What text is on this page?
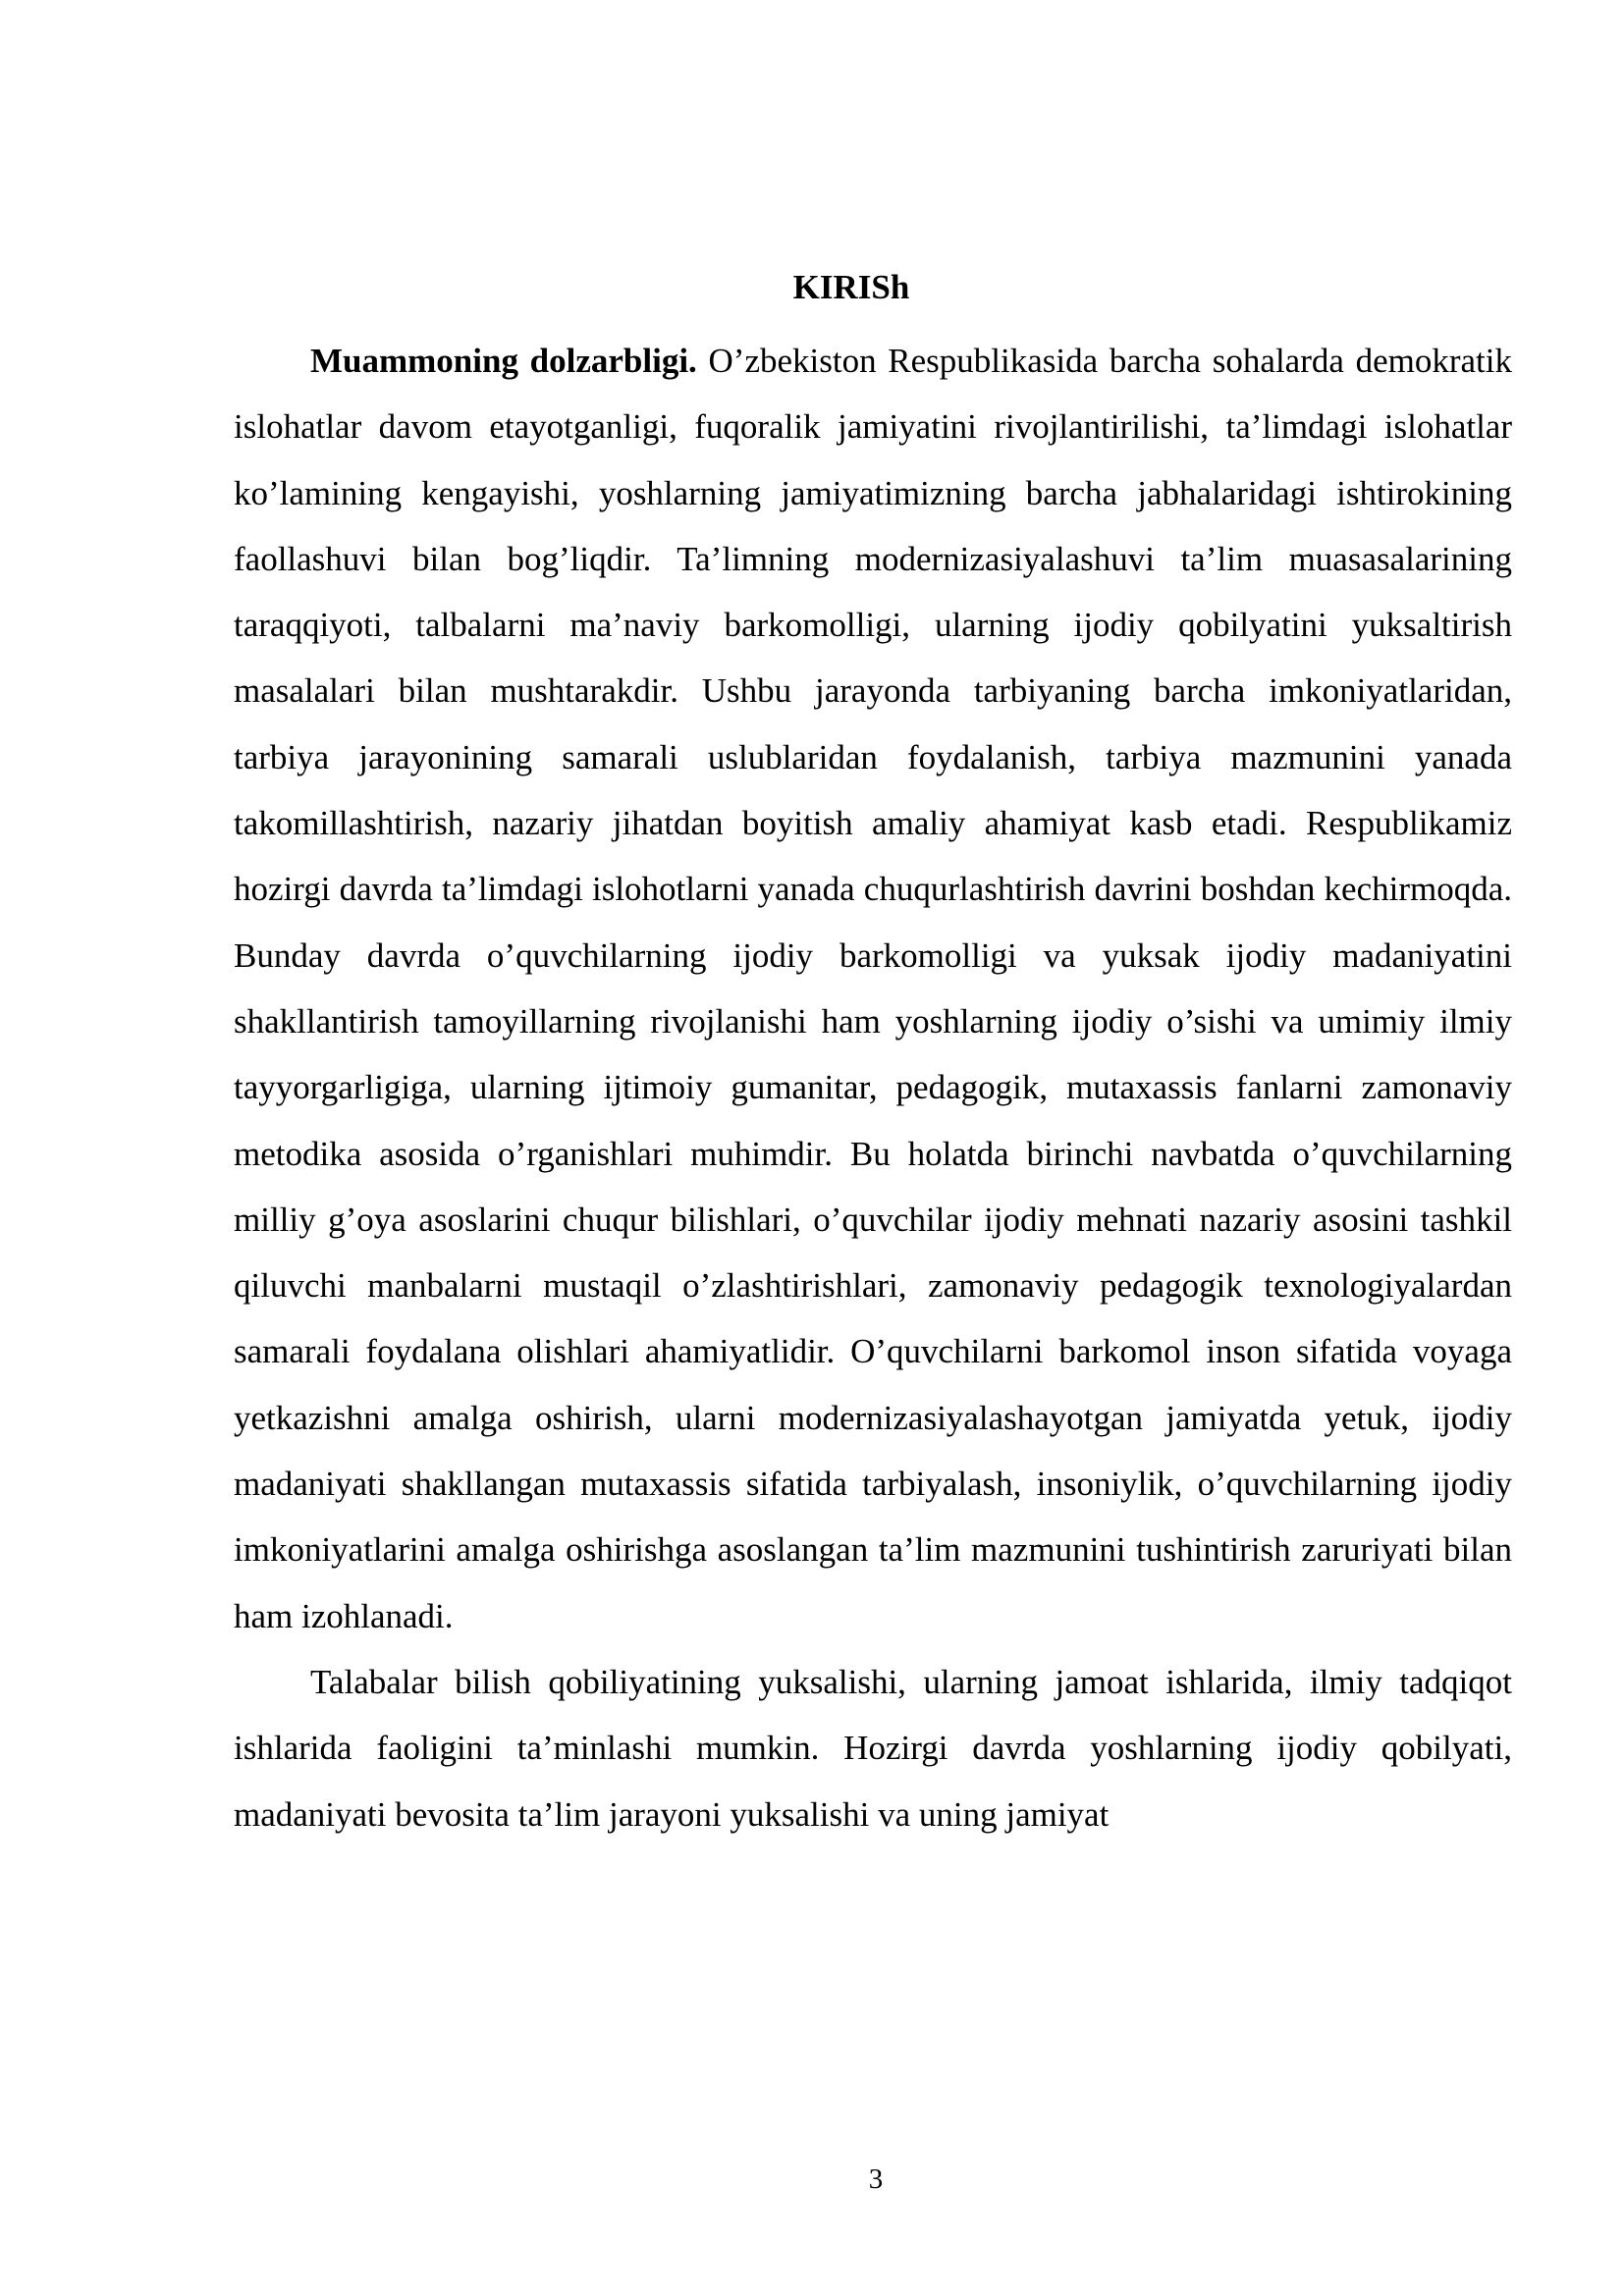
KIRISh

Muammoning dolzarbligi. O’zbekiston Respublikasida barcha sohalarda demokratik islohatlar davom etayotganligi, fuqoralik jamiyatini rivojlantirilishi, ta’limdagi islohatlar ko’lamining kengayishi, yoshlarning jamiyatimizning barcha jabhalaridagi ishtirokining faollashuvi bilan bog’liqdir. Ta’limning modernizasiyalashuvi ta’lim muasasalarining taraqqiyoti, talbalarni ma’naviy barkomolligi, ularning ijodiy qobilyatini yuksaltirish masalalari bilan mushtarakdir. Ushbu jarayonda tarbiyaning barcha imkoniyatlaridan, tarbiya jarayonining samarali uslublaridan foydalanish, tarbiya mazmunini yanada takomillashtirish, nazariy jihatdan boyitish amaliy ahamiyat kasb etadi. Respublikamiz hozirgi davrda ta’limdagi islohotlarni yanada chuqurlashtirish davrini boshdan kechirmoqda. Bunday davrda o’quvchilarning ijodiy barkomolligi va yuksak ijodiy madaniyatini shakllantirish tamoyillarning rivojlanishi ham yoshlarning ijodiy o’sishi va umimiy ilmiy tayyorgarligiga, ularning ijtimoiy gumanitar, pedagogik, mutaxassis fanlarni zamonaviy metodika asosida o’rganishlari muhimdir. Bu holatda birinchi navbatda o’quvchilarning milliy g’oya asoslarini chuqur bilishlari, o’quvchilar ijodiy mehnati nazariy asosini tashkil qiluvchi manbalarni mustaqil o’zlashtirishlari, zamonaviy pedagogik texnologiyalardan samarali foydalana olishlari ahamiyatlidir. O’quvchilarni barkomol inson sifatida voyaga yetkazishni amalga oshirish, ularni modernizasiyalashayotgan jamiyatda yetuk, ijodiy madaniyati shakllangan mutaxassis sifatida tarbiyalash, insoniylik, o’quvchilarning ijodiy imkoniyatlarini amalga oshirishga asoslangan ta’lim mazmunini tushintirish zaruriyati bilan ham izohlanadi.

Talabalar bilish qobiliyatining yuksalishi, ularning jamoat ishlarida, ilmiy tadqiqot ishlarida faoligini ta’minlashi mumkin. Hozirgi davrda yoshlarning ijodiy qobilyati, madaniyati bevosita ta’lim jarayoni yuksalishi va uning jamiyat

3
